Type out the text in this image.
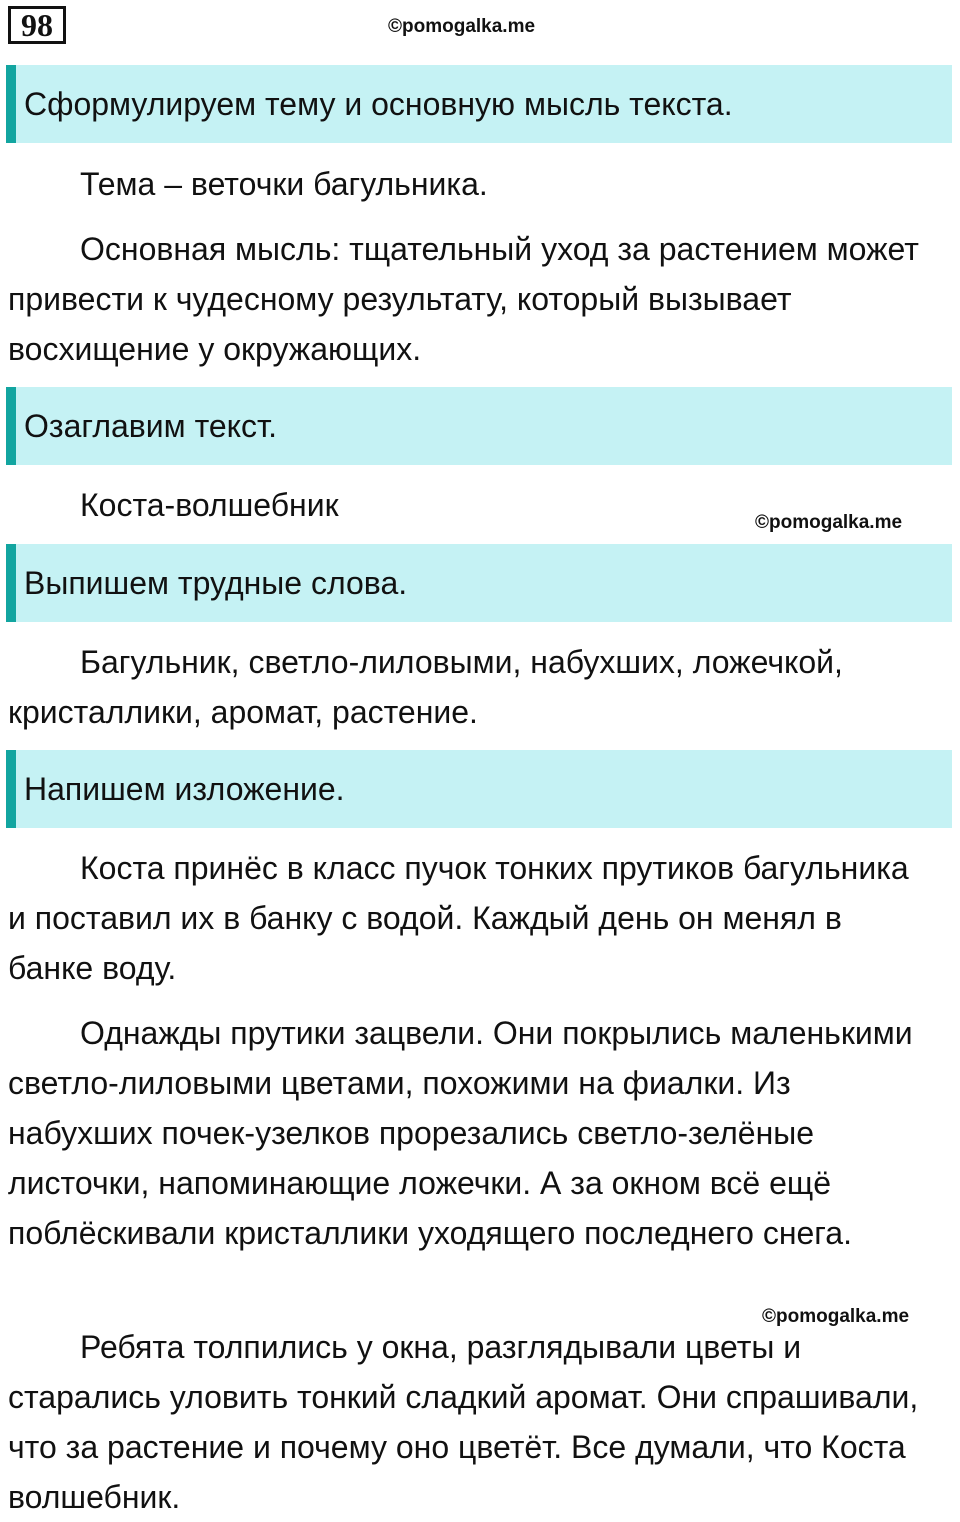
98	©pomogalka.me
Сформулируем тему и основную мысль текста.

Тема – веточки багульника.

Основная мысль: тщательный уход за растением может привести к чудесному результату, который вызывает восхищение у окружающих.

Озаглавим текст.

Коста-волшебник	©pomogalka.me
Выпишем трудные слова.

Багульник, светло-лиловыми, набухших, ложечкой, кристаллики, аромат, растение.

Напишем изложение.

Коста принёс в класс пучок тонких прутиков багульника и поставил их в банку с водой. Каждый день он менял в банке воду.

Однажды прутики зацвели. Они покрылись маленькими светло-лиловыми цветами, похожими на фиалки. Из набухших почек-узелков прорезались светло-зелёные листочки, напоминающие ложечки. А за окном всё ещё поблёскивали кристаллики уходящего последнего снега.

©pomogalka.me

Ребята толпились у окна, разглядывали цветы и старались уловить тонкий сладкий аромат. Они спрашивали, что за растение и почему оно цветёт. Все думали, что Коста волшебник.
